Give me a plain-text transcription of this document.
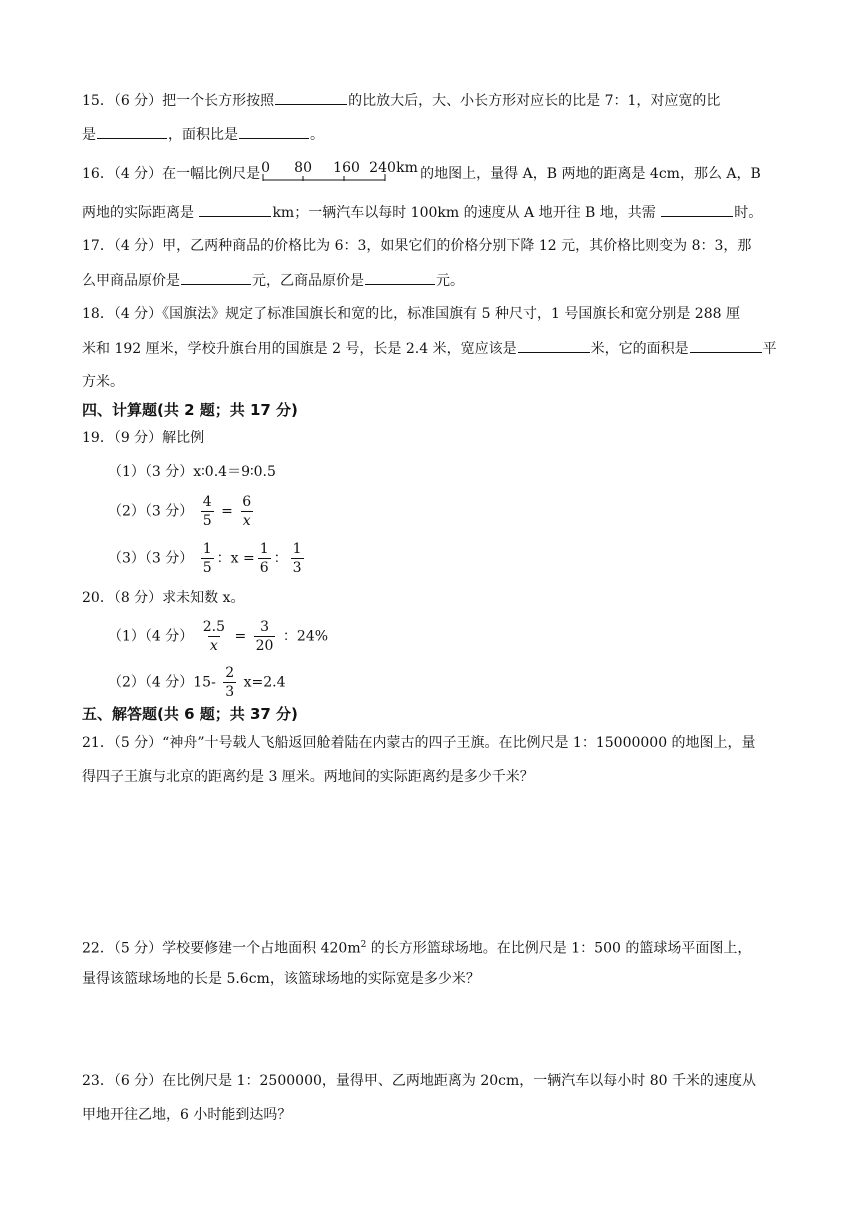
15．（6 分）把一个长方形按照	的比放大后，大、小长方形对应长的比是 7：1，对应宽的比
是	，面积比是	。
16．（4 分）在一幅比例尺是 0 80 160 240 km 的地图上，量得 A，B 两地的距离是 4cm，那么 A，B
两地的实际距离是	km；一辆汽车以每时 100km 的速度从 A 地开往 B 地，共需	时。
17．（4 分）甲，乙两种商品的价格比为 6：3，如果它们的价格分别下降 12 元，其价格比则变为 8：3，那
么甲商品原价是	元，乙商品原价是	元。
18．（4 分）《国旗法》规定了标准国旗长和宽的比，标准国旗有 5 种尺寸，1 号国旗长和宽分别是 288 厘
米和 192 厘米，学校升旗台用的国旗是 2 号，长是 2.4 米，宽应该是	米，它的面积是	平
方米。
四、计算题(共 2 题；共 17 分)
19．（9 分）解比例
（1）（3 分）x∶0.4＝9∶0.5
（2）（3 分） $\frac{4}{5} = \frac{6}{x}$
（3）（3 分） $\frac{1}{5}$ ：$x = \frac{1}{6}$ ： $\frac{1}{3}$
20．（8 分）求未知数 x。
（1）（4 分） $\frac{2.5}{x} = \frac{3}{20}$ ：24%
（2）（4 分）$15- \frac{2}{3} x=2.4$
五、解答题(共 6 题；共 37 分)
21．（5 分）“神舟”十号载人飞船返回舱着陆在内蒙古的四子王旗。在比例尺是 1：15000000 的地图上，量
得四子王旗与北京的距离约是 3 厘米。两地间的实际距离约是多少千米？
22．（5 分）学校要修建一个占地面积 $420m^2$ 的长方形篮球场地。在比例尺是 1：500 的篮球场平面图上，
量得该篮球场地的长是 5.6cm，该篮球场地的实际宽是多少米？
23．（6 分）在比例尺是 1：2500000，量得甲、乙两地距离为 20cm，一辆汽车以每小时 80 千米的速度从
甲地开往乙地，6 小时能到达吗？
